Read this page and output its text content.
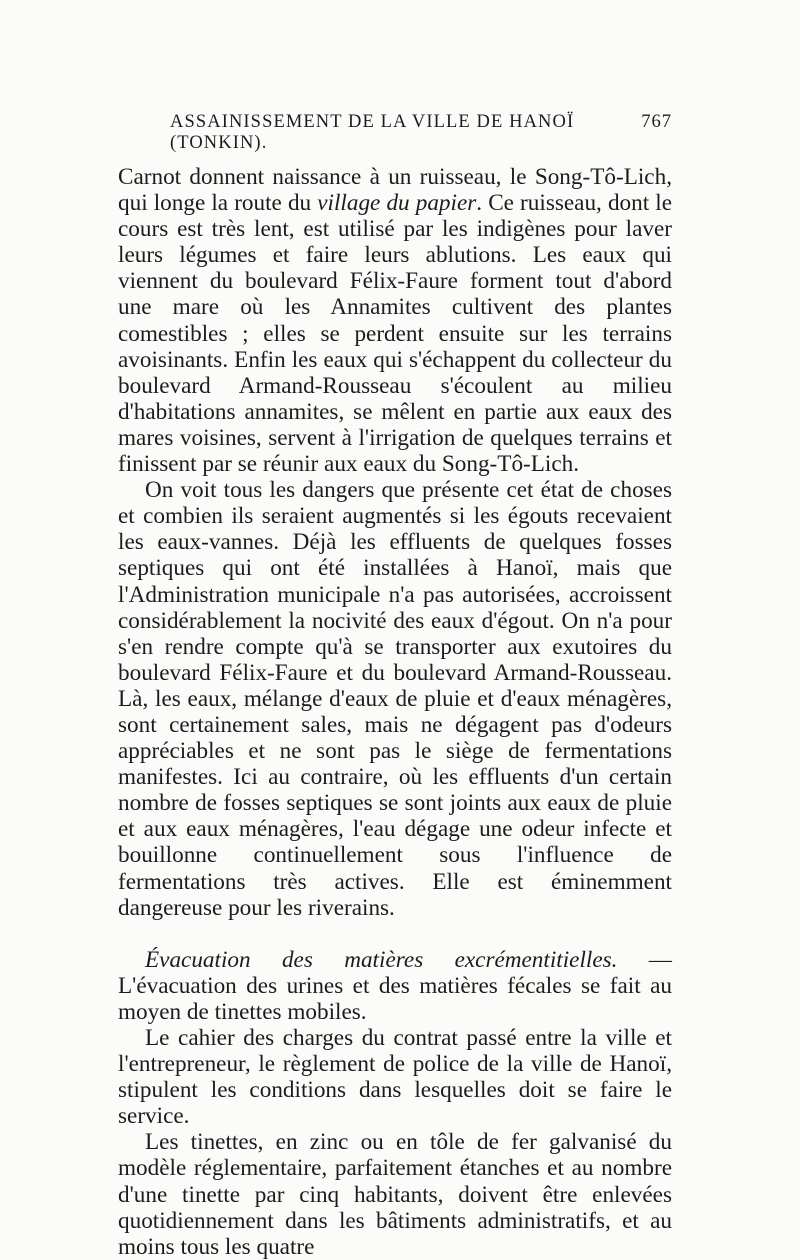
ASSAINISSEMENT DE LA VILLE DE HANOÏ (TONKIN).
767

Carnot donnent naissance à un ruisseau, le Song-Tô-Lich, qui longe la route du village du papier. Ce ruisseau, dont le cours est très lent, est utilisé par les indigènes pour laver leurs légumes et faire leurs ablutions. Les eaux qui viennent du boulevard Félix-Faure forment tout d'abord une mare où les Annamites cultivent des plantes comestibles ; elles se perdent ensuite sur les terrains avoisinants. Enfin les eaux qui s'échappent du collecteur du boulevard Armand-Rousseau s'écoulent au milieu d'habitations annamites, se mêlent en partie aux eaux des mares voisines, servent à l'irrigation de quelques terrains et finissent par se réunir aux eaux du Song-Tô-Lich.

On voit tous les dangers que présente cet état de choses et combien ils seraient augmentés si les égouts recevaient les eaux-vannes. Déjà les effluents de quelques fosses septiques qui ont été installées à Hanoï, mais que l'Administration municipale n'a pas autorisées, accroissent considérablement la nocivité des eaux d'égout. On n'a pour s'en rendre compte qu'à se transporter aux exutoires du boulevard Félix-Faure et du boulevard Armand-Rousseau. Là, les eaux, mélange d'eaux de pluie et d'eaux ménagères, sont certainement sales, mais ne dégagent pas d'odeurs appréciables et ne sont pas le siège de fermentations manifestes. Ici au contraire, où les effluents d'un certain nombre de fosses septiques se sont joints aux eaux de pluie et aux eaux ménagères, l'eau dégage une odeur infecte et bouillonne continuellement sous l'influence de fermentations très actives. Elle est éminemment dangereuse pour les riverains.

Évacuation des matières excrémentitielles. — L'évacuation des urines et des matières fécales se fait au moyen de tinettes mobiles.

Le cahier des charges du contrat passé entre la ville et l'entrepreneur, le règlement de police de la ville de Hanoï, stipulent les conditions dans lesquelles doit se faire le service.

Les tinettes, en zinc ou en tôle de fer galvanisé du modèle réglementaire, parfaitement étanches et au nombre d'une tinette par cinq habitants, doivent être enlevées quotidiennement dans les bâtiments administratifs, et au moins tous les quatre
